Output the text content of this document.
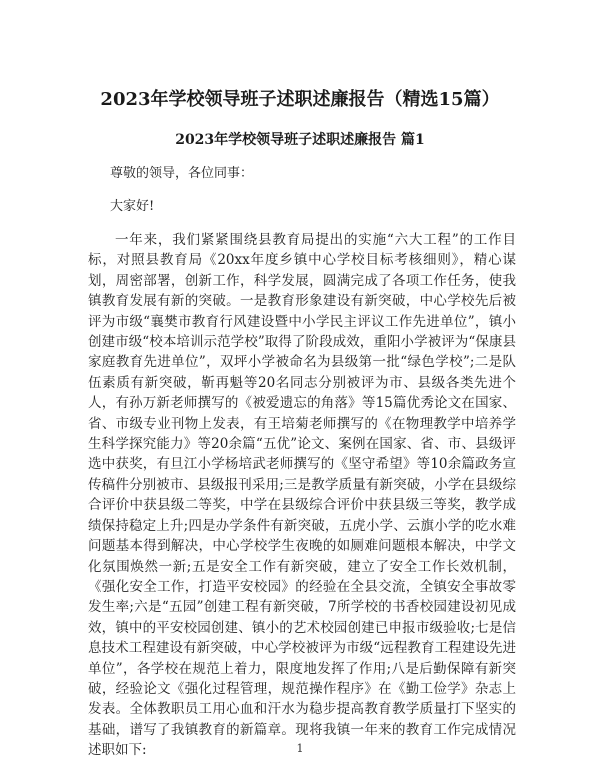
2023年学校领导班子述职述廉报告（精选15篇）
2023年学校领导班子述职述廉报告 篇1
尊敬的领导，各位同事：
大家好!
一年来，我们紧紧围绕县教育局提出的实施“六大工程”的工作目标，对照县教育局《20xx年度乡镇中心学校目标考核细则》，精心谋划，周密部署，创新工作，科学发展，圆满完成了各项工作任务，使我镇教育发展有新的突破。一是教育形象建设有新突破，中心学校先后被评为市级“襄樊市教育行风建设暨中小学民主评议工作先进单位”，镇小创建市级“校本培训示范学校”取得了阶段成效，重阳小学被评为“保康县家庭教育先进单位”，双坪小学被命名为县级第一批“绿色学校”;二是队伍素质有新突破，靳再魁等20名同志分别被评为市、县级各类先进个人，有孙万新老师撰写的《被爱遗忘的角落》等15篇优秀论文在国家、省、市级专业刊物上发表，有王培菊老师撰写的《在物理教学中培养学生科学探究能力》等20余篇“五优”论文、案例在国家、省、市、县级评选中获奖，有旦江小学杨培武老师撰写的《坚守希望》等10余篇政务宣传稿件分别被市、县级报刊采用;三是教学质量有新突破，小学在县级综合评价中获县级二等奖，中学在县级综合评价中获县级三等奖，教学成绩保持稳定上升;四是办学条件有新突破，五虎小学、云旗小学的吃水难问题基本得到解决，中心学校学生夜晚的如厕难问题根本解决，中学文化氛围焕然一新;五是安全工作有新突破，建立了安全工作长效机制，《强化安全工作，打造平安校园》的经验在全县交流，全镇安全事故零发生率;六是“五园”创建工程有新突破，7所学校的书香校园建设初见成效，镇中的平安校园创建、镇小的艺术校园创建已申报市级验收;七是信息技术工程建设有新突破，中心学校被评为市级“远程教育工程建设先进单位”，各学校在规范上着力，限度地发挥了作用;八是后勤保障有新突破，经验论文《强化过程管理，规范操作程序》在《勤工俭学》杂志上发表。全体教职员工用心血和汗水为稳步提高教育教学质量打下坚实的基础，谱写了我镇教育的新篇章。现将我镇一年来的教育工作完成情况述职如下:	1
